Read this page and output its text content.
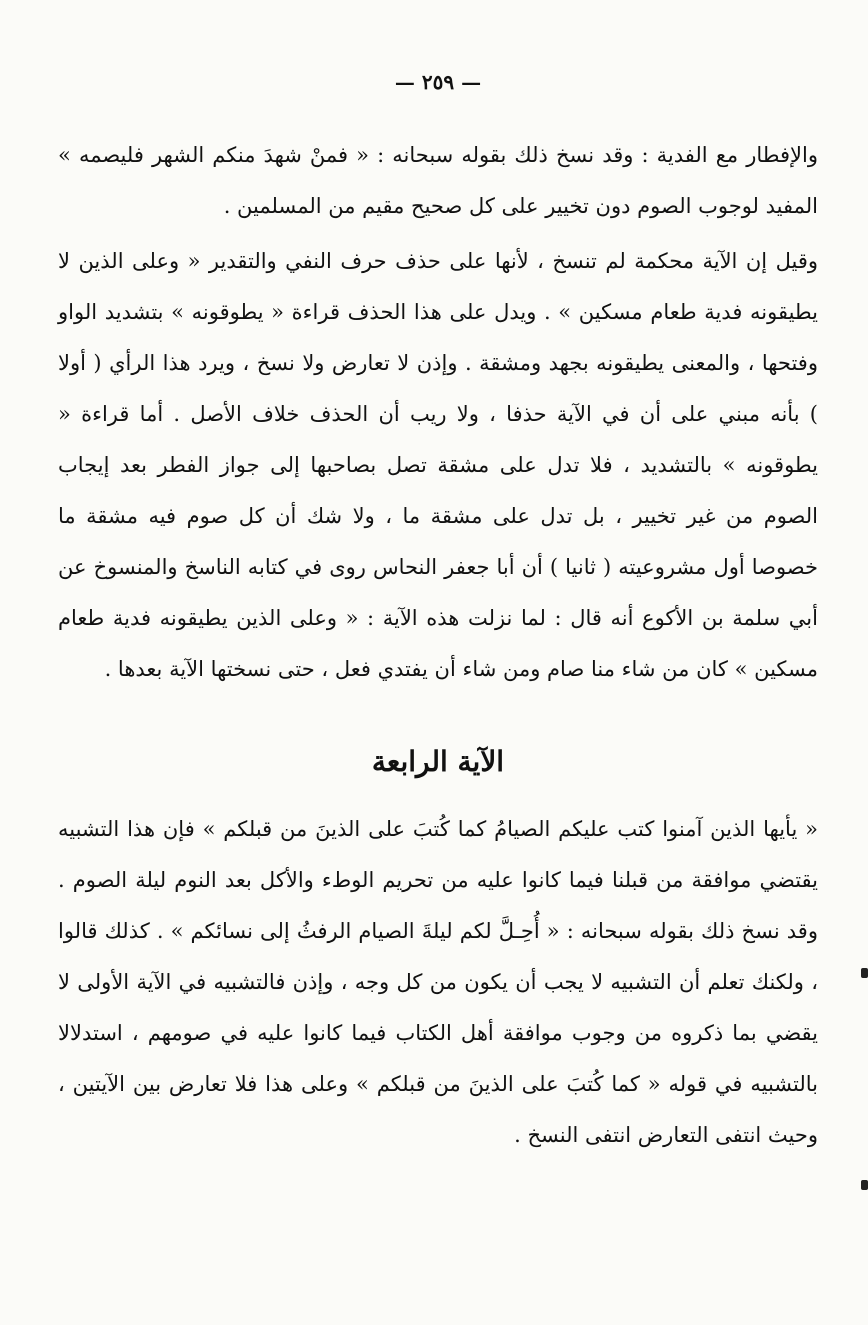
— ٢٥٩ —

والإفطار مع الفدية : وقد نسخ ذلك بقوله سبحانه : « فمنْ شهدَ منكم الشهر فليصمه » المفيد لوجوب الصوم دون تخيير على كل صحيح مقيم من المسلمين .

وقيل إن الآية محكمة لم تنسخ ، لأنها على حذف حرف النفي والتقدير « وعلى الذين لا يطيقونه فدية طعام مسكين » . ويدل على هذا الحذف قراءة « يطوقونه » بتشديد الواو وفتحها ، والمعنى يطيقونه بجهد ومشقة . وإذن لا تعارض ولا نسخ ، ويرد هذا الرأي ( أولا ) بأنه مبني على أن في الآية حذفا ، ولا ريب أن الحذف خلاف الأصل . أما قراءة « يطوقونه » بالتشديد ، فلا تدل على مشقة تصل بصاحبها إلى جواز الفطر بعد إيجاب الصوم من غير تخيير ، بل تدل على مشقة ما ، ولا شك أن كل صوم فيه مشقة ما خصوصا أول مشروعيته ( ثانيا ) أن أبا جعفر النحاس روى في كتابه الناسخ والمنسوخ عن أبي سلمة بن الأكوع أنه قال : لما نزلت هذه الآية : « وعلى الذين يطيقونه فدية طعام مسكين » كان من شاء منا صام ومن شاء أن يفتدي فعل ، حتى نسختها الآية بعدها .

الآية الرابعة

« يأيها الذين آمنوا كتب عليكم الصيامُ كما كُتبَ على الذينَ من قبلكم » فإن هذا التشبيه يقتضي موافقة من قبلنا فيما كانوا عليه من تحريم الوطء والأكل بعد النوم ليلة الصوم . وقد نسخ ذلك بقوله سبحانه : « أُحِـلَّ لكم ليلةَ الصيام الرفثُ إلى نسائكم » . كذلك قالوا ، ولكنك تعلم أن التشبيه لا يجب أن يكون من كل وجه ، وإذن فالتشبيه في الآية الأولى لا يقضي بما ذكروه من وجوب موافقة أهل الكتاب فيما كانوا عليه في صومهم ، استدلالا بالتشبيه في قوله « كما كُتبَ على الذينَ من قبلكم » وعلى هذا فلا تعارض بين الآيتين ، وحيث انتفى التعارض انتفى النسخ .
